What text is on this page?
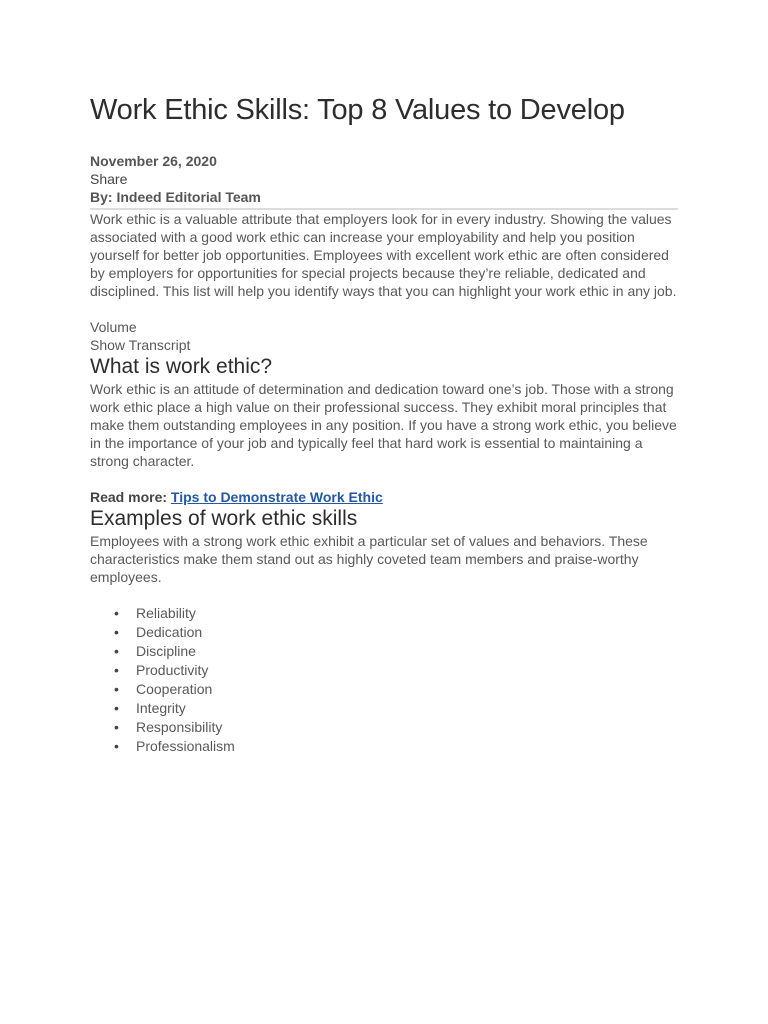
Work Ethic Skills: Top 8 Values to Develop
November 26, 2020
Share
By: Indeed Editorial Team

Work ethic is a valuable attribute that employers look for in every industry. Showing the values associated with a good work ethic can increase your employability and help you position yourself for better job opportunities. Employees with excellent work ethic are often considered by employers for opportunities for special projects because they’re reliable, dedicated and disciplined. This list will help you identify ways that you can highlight your work ethic in any job.

Volume
Show Transcript
What is work ethic?

Work ethic is an attitude of determination and dedication toward one’s job. Those with a strong work ethic place a high value on their professional success. They exhibit moral principles that make them outstanding employees in any position. If you have a strong work ethic, you believe in the importance of your job and typically feel that hard work is essential to maintaining a strong character.

Read more: Tips to Demonstrate Work Ethic
Examples of work ethic skills

Employees with a strong work ethic exhibit a particular set of values and behaviors. These characteristics make them stand out as highly coveted team members and praise-worthy employees.

• Reliability
• Dedication
• Discipline
• Productivity
• Cooperation
• Integrity
• Responsibility
• Professionalism
